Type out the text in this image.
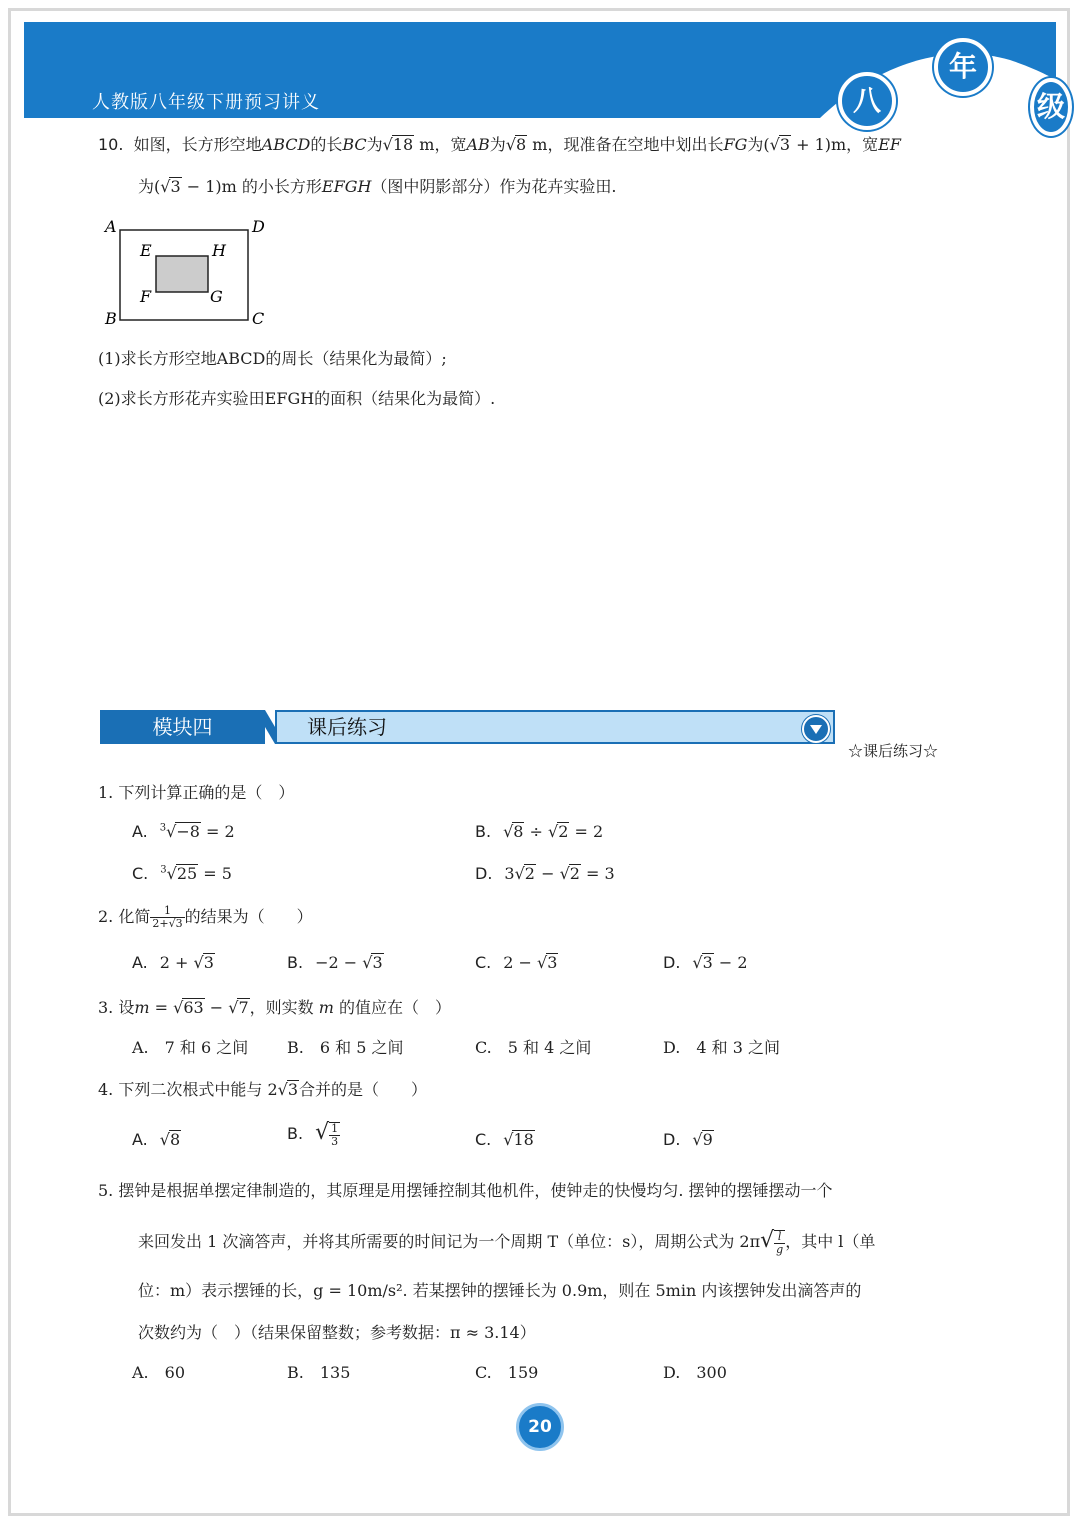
人教版八年级下册预习讲义	八
年
级
10. 如图，长方形空地ABCD的长BC为√18 m，宽AB为√8 m，现准备在空地中划出长FG为(√3 + 1)m，宽EF
为(√3 − 1)m 的小长方形EFGH（图中阴影部分）作为花卉实验田.
A	D
B	C
E	H
F	G
(1)求长方形空地ABCD的周长（结果化为最简）;
(2)求长方形花卉实验田EFGH的面积（结果化为最简）.
模块四	课后练习
☆课后练习☆
1. 下列计算正确的是（　）
A. $^3$√−8 = 2	B. √8 ÷ √2 = 2
C. $^3$√25 = 5	D. 3√2 − √2 = 3
2. 化简 $\frac{1}{2+√3}$ 的结果为（　　）
A. 2 + √3	B. −2 − √3	C. 2 − √3	D. √3 − 2
3. 设m = √63 − √7，则实数 m 的值应在（　）
A.　7 和 6 之间 B.　6 和 5 之间	C.　5 和 4 之间	D.　4 和 3 之间
4. 下列二次根式中能与 2√3合并的是（　　）
A. √8	B. √ $\frac{1}{3}$	C. √18	D. √9
5. 摆钟是根据单摆定律制造的，其原理是用摆锤控制其他机件，使钟走的快慢均匀. 摆钟的摆锤摆动一个
来回发出 1 次滴答声，并将其所需要的时间记为一个周期 T（单位：s），周期公式为 $2\pi√ \frac{l}{g}$ ，其中 l（单
位：m）表示摆锤的长，g = 10m/s². 若某摆钟的摆锤长为 0.9m，则在 5min 内该摆钟发出滴答声的
次数约为（　）（结果保留整数；参考数据：π ≈ 3.14）
A.　60	B.　135	C.　159	D.　300
20
